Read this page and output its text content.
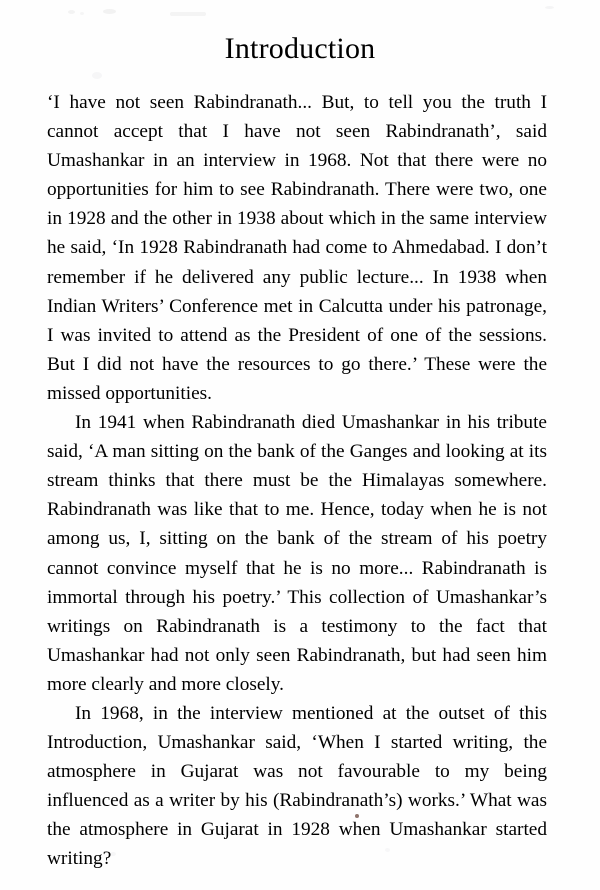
Introduction

‘I have not seen Rabindranath... But, to tell you the truth I cannot accept that I have not seen Rabindranath’, said Umashankar in an interview in 1968. Not that there were no opportunities for him to see Rabindranath. There were two, one in 1928 and the other in 1938 about which in the same interview he said, ‘In 1928 Rabindranath had come to Ahmedabad. I don’t remember if he delivered any public lecture... In 1938 when Indian Writers’ Conference met in Calcutta under his patronage, I was invited to attend as the President of one of the sessions. But I did not have the resources to go there.’ These were the missed opportunities.

In 1941 when Rabindranath died Umashankar in his tribute said, ‘A man sitting on the bank of the Ganges and looking at its stream thinks that there must be the Himalayas somewhere. Rabindranath was like that to me. Hence, today when he is not among us, I, sitting on the bank of the stream of his poetry cannot convince myself that he is no more... Rabindranath is immortal through his poetry.’ This collection of Umashankar’s writings on Rabindranath is a testimony to the fact that Umashankar had not only seen Rabindranath, but had seen him more clearly and more closely.

In 1968, in the interview mentioned at the outset of this Introduction, Umashankar said, ‘When I started writing, the atmosphere in Gujarat was not favourable to my being influenced as a writer by his (Rabindranath’s) works.’ What was the atmosphere in Gujarat in 1928 when Umashankar started writing?
